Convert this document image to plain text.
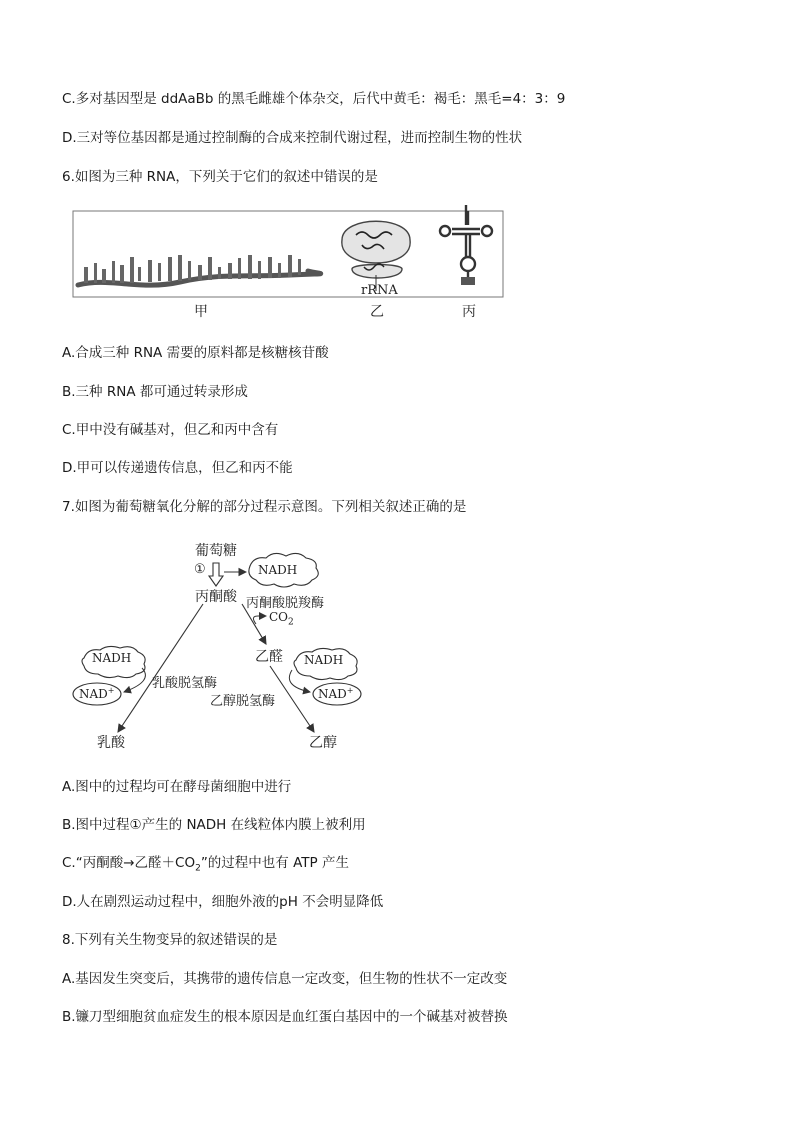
C.多对基因型是 ddAaBb 的黑毛雌雄个体杂交，后代中黄毛：褐毛：黑毛=4：3：9
D.三对等位基因都是通过控制酶的合成来控制代谢过程，进而控制生物的性状
6.如图为三种 RNA，下列关于它们的叙述中错误的是
rRNA
甲	乙	丙
A.合成三种 RNA 需要的原料都是核糖核苷酸
B.三种 RNA 都可通过转录形成
C.甲中没有碱基对，但乙和丙中含有
D.甲可以传递遗传信息，但乙和丙不能
7.如图为葡萄糖氧化分解的部分过程示意图。下列相关叙述正确的是
葡萄糖
①	NADH
丙酮酸 丙酮酸脱羧酶
$CO_2$
乙醛
NADH
NAD+	乳酸脱氢酶
乙醇脱氢酶
NADH
NAD+
乳酸	乙醇
A.图中的过程均可在酵母菌细胞中进行
B.图中过程①产生的 NADH 在线粒体内膜上被利用
C.“丙酮酸→乙醛$+CO_2$”的过程中也有 ATP 产生
D.人在剧烈运动过程中，细胞外液的pH 不会明显降低
8.下列有关生物变异的叙述错误的是
A.基因发生突变后，其携带的遗传信息一定改变，但生物的性状不一定改变
B.镰刀型细胞贫血症发生的根本原因是血红蛋白基因中的一个碱基对被替换
